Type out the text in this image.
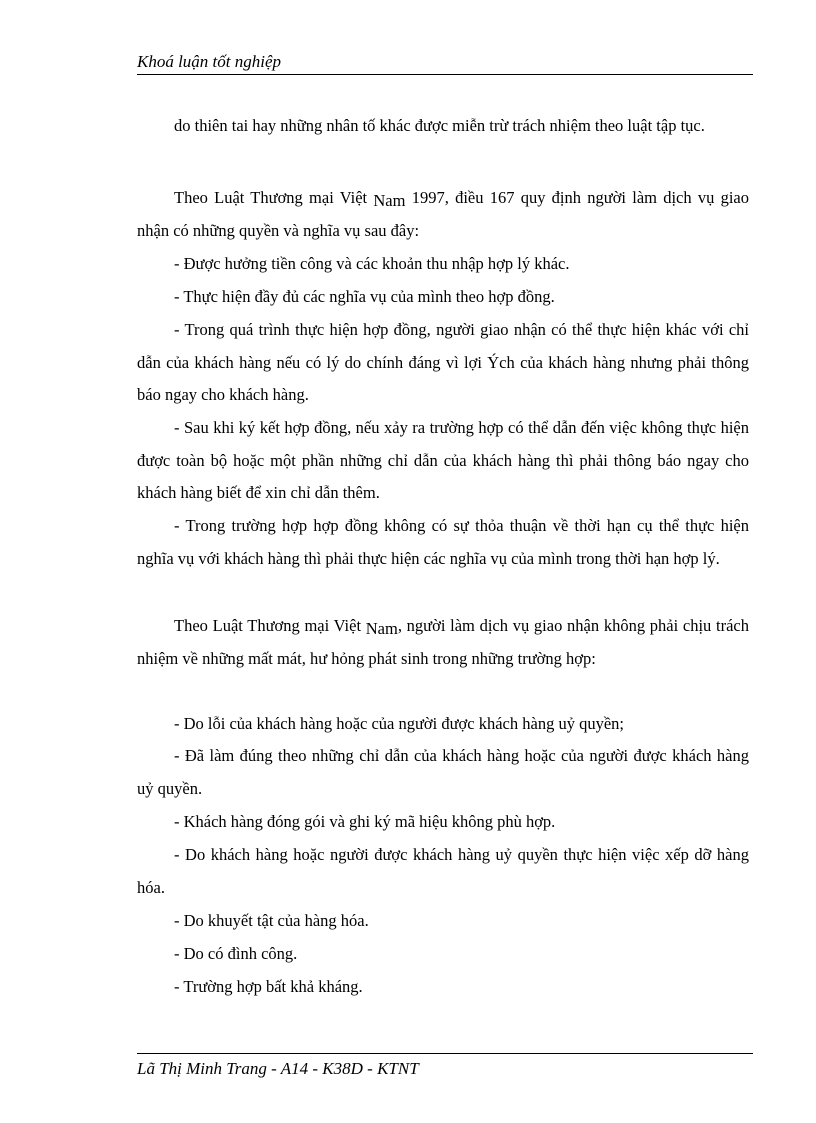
Khoá luận tốt nghiệp

do thiên tai hay những nhân tố khác được miễn trừ trách nhiệm theo luật tập tục.

Theo Luật Thương mại Việt Nam 1997, điều 167 quy định người làm dịch vụ giao nhận có những quyền và nghĩa vụ sau đây:

- Được hưởng tiền công và các khoản thu nhập hợp lý khác.

- Thực hiện đầy đủ các nghĩa vụ của mình theo hợp đồng.

- Trong quá trình thực hiện hợp đồng, người giao nhận có thể thực hiện khác với chỉ dẫn của khách hàng nếu có lý do chính đáng vì lợi Ých của khách hàng nhưng phải thông báo ngay cho khách hàng.

- Sau khi ký kết hợp đồng, nếu xảy ra trường hợp có thể dẫn đến việc không thực hiện được toàn bộ hoặc một phần những chỉ dẫn của khách hàng thì phải thông báo ngay cho khách hàng biết để xin chỉ dẫn thêm.

- Trong trường hợp hợp đồng không có sự thỏa thuận về thời hạn cụ thể thực hiện nghĩa vụ với khách hàng thì phải thực hiện các nghĩa vụ của mình trong thời hạn hợp lý.

Theo Luật Thương mại Việt Nam, người làm dịch vụ giao nhận không phải chịu trách nhiệm về những mất mát, hư hỏng phát sinh trong những trường hợp:

- Do lỗi của khách hàng hoặc của người được khách hàng uỷ quyền;

- Đã làm đúng theo những chỉ dẫn của khách hàng hoặc của người được khách hàng uỷ quyền.

- Khách hàng đóng gói và ghi ký mã hiệu không phù hợp.

- Do khách hàng hoặc người được khách hàng uỷ quyền thực hiện việc xếp dỡ hàng hóa.

- Do khuyết tật của hàng hóa.

- Do có đình công.

- Trường hợp bất khả kháng.

Lã Thị Minh Trang - A14 - K38D - KTNT
